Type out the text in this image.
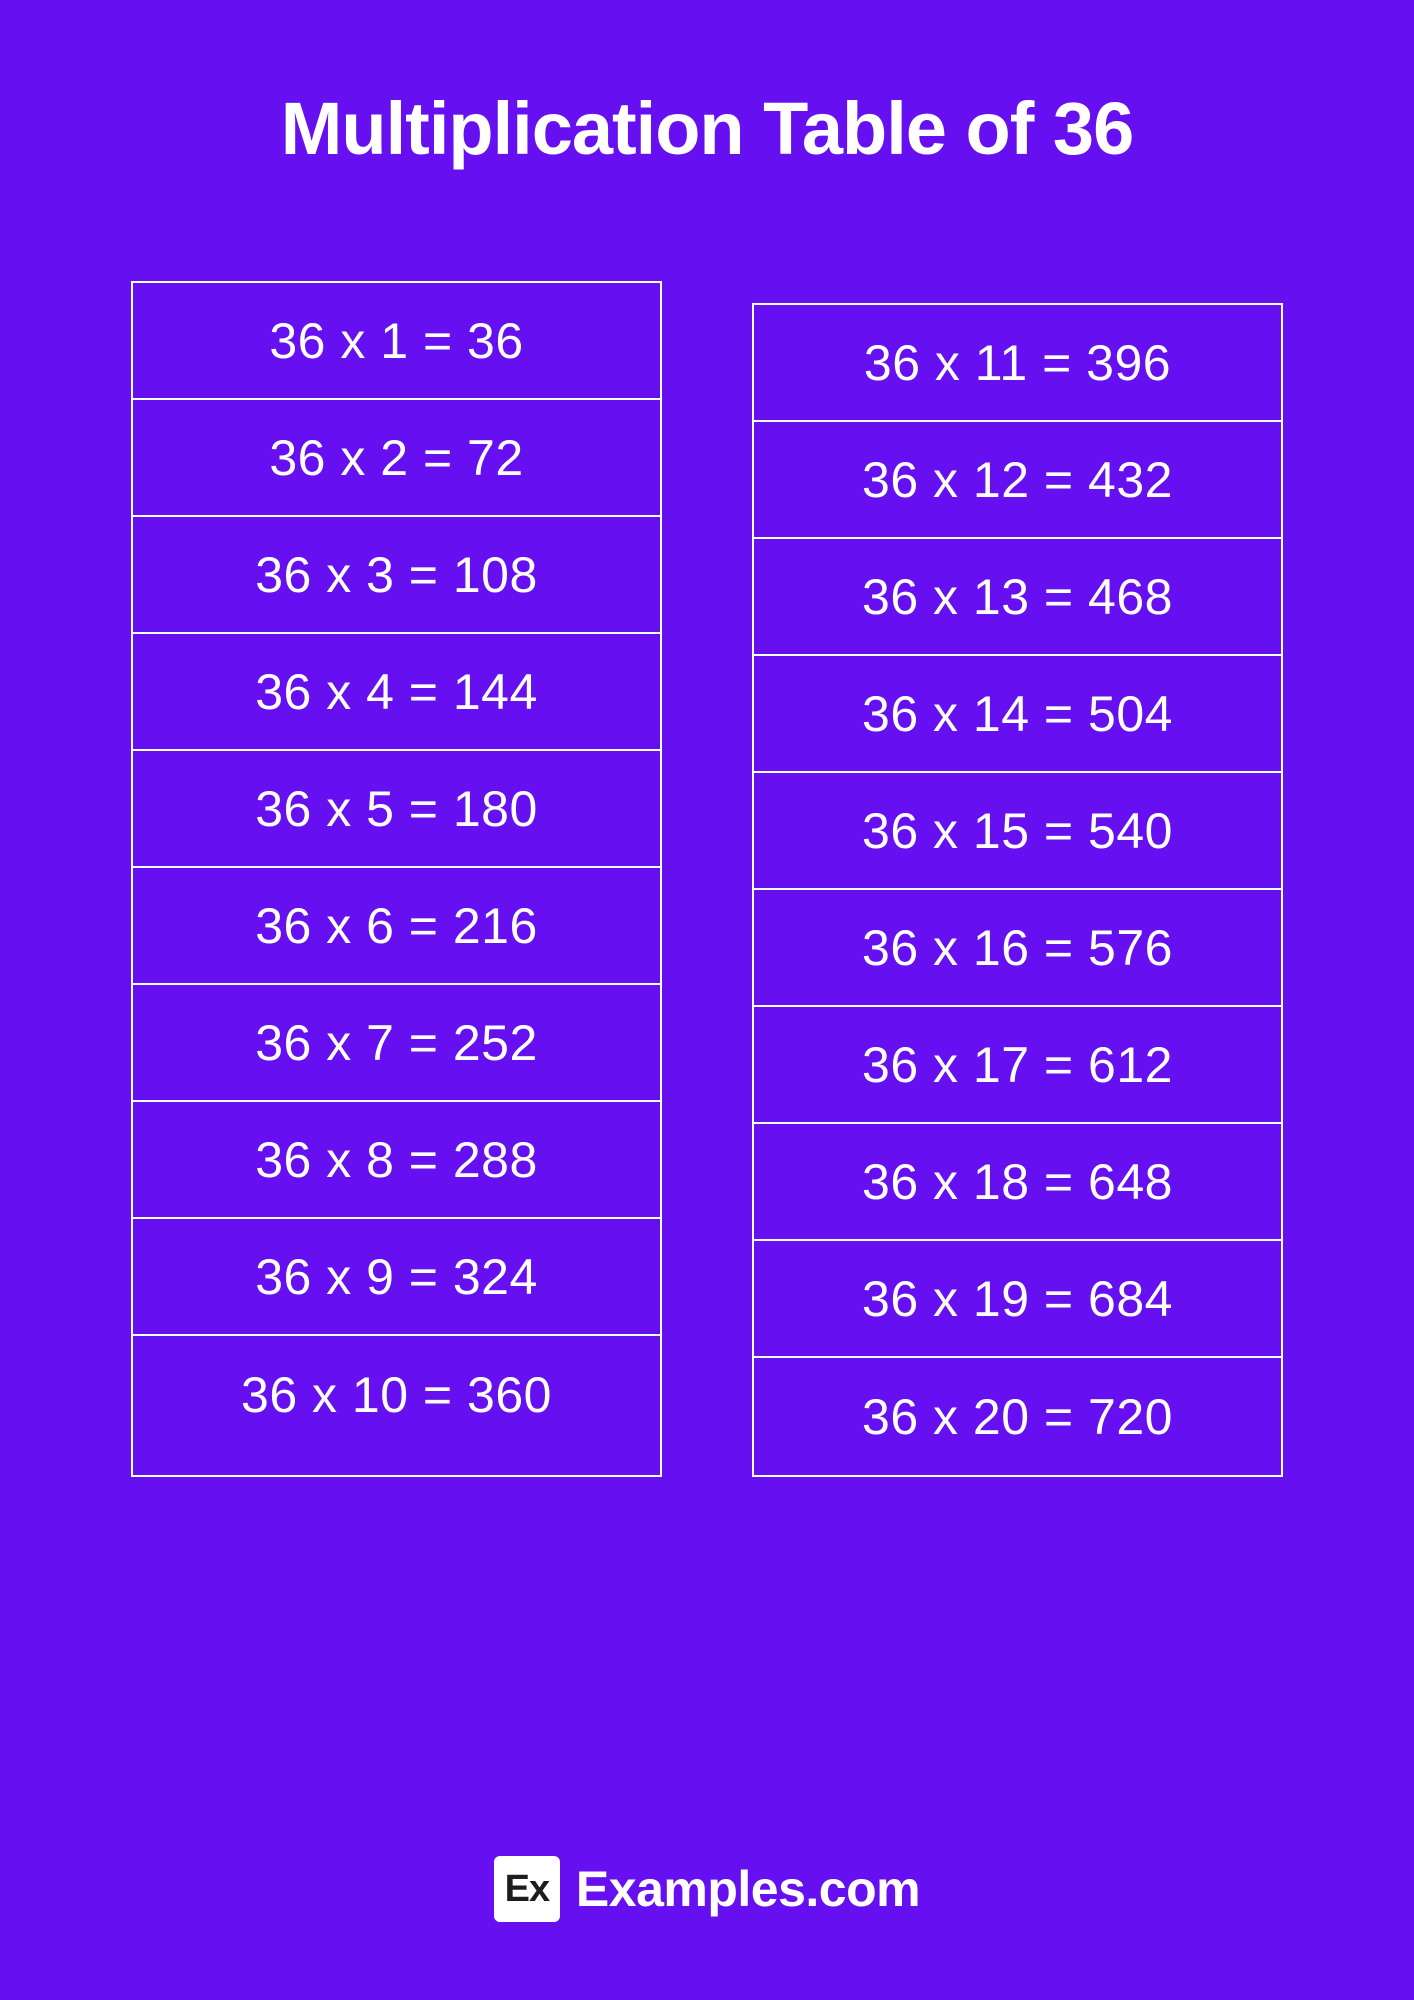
Multiplication Table of 36
36 x 1 = 36
36 x 2 = 72
36 x 3 = 108
36 x 4 = 144
36 x 5 = 180
36 x 6 = 216
36 x 7 = 252
36 x 8 = 288
36 x 9 = 324
36 x 10 = 360
36 x 11 = 396
36 x 12 = 432
36 x 13 = 468
36 x 14 = 504
36 x 15 = 540
36 x 16 = 576
36 x 17 = 612
36 x 18 = 648
36 x 19 = 684
36 x 20 = 720
Ex Examples.com
